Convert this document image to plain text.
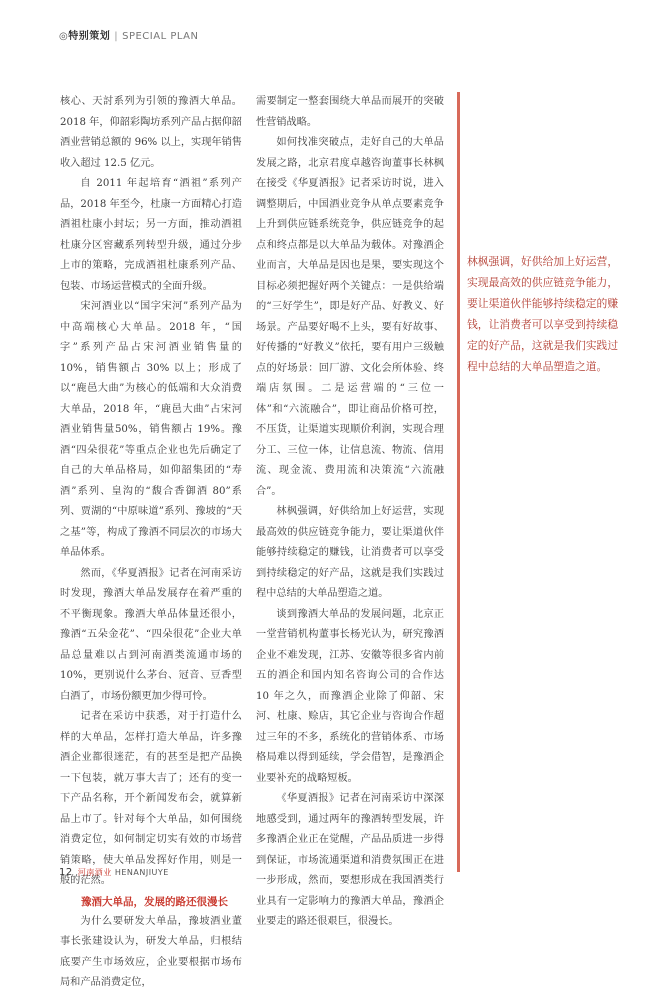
◎特别策划 | SPECIAL PLAN

核心、天討系列为引领的豫酒大单品。2018 年，仰韶彩陶坊系列产品占据仰韶酒业营销总额的 96% 以上，实现年销售收入超过 12.5 亿元。

自 2011 年起培育“酒祖”系列产品，2018 年至今，杜康一方面精心打造酒祖杜康小封坛；另一方面，推动酒祖杜康分区窖藏系列转型升级，通过分步上市的策略，完成酒祖杜康系列产品、包装、市场运营模式的全面升级。

宋河酒业以“国字宋河”系列产品为中高端核心大单品。2018 年，“国字”系列产品占宋河酒业销售量的 10%，销售额占 30% 以上；形成了以“鹿邑大曲”为核心的低端和大众消费大单品，2018 年，“鹿邑大曲”占宋河酒业销售量50%，销售额占 19%。豫酒“四朵很花”等重点企业也先后确定了自己的大单品格局，如仰韶集团的“寿酒”系列、皇沟的“馥合香御酒 80”系列、贾湖的“中原味道”系列、豫坡的“天之基”等，构成了豫酒不同层次的市场大单品体系。

然而，《华夏酒报》记者在河南采访时发现，豫酒大单品发展存在着严重的不平衡现象。豫酒大单品体量还很小，豫酒“五朵金花”、“四朵很花”企业大单品总量难以占到河南酒类流通市场的 10%，更别说什么茅台、冠音、豆香型白酒了，市场份额更加少得可怜。

记者在采访中获悉，对于打造什么样的大单品，怎样打造大单品，许多豫酒企业都很迷茫，有的甚至是把产品换一下包装，就万事大吉了；还有的变一下产品名称，开个新闻发布会，就算新品上市了。针对每个大单品，如何围绕消费定位，如何制定切实有效的市场营销策略，使大单品发挥好作用，则是一般的茫然。

豫酒大单品，发展的路还很漫长

为什么要研发大单品，豫坡酒业董事长张建设认为，研发大单品，归根结底要产生市场效应，企业要根据市场布局和产品消费定位，

需要制定一整套围绕大单品而展开的突破性营销战略。

如何找准突破点，走好自己的大单品发展之路，北京君度卓越咨询董事长林枫在接受《华夏酒报》记者采访时说，进入调整期后，中国酒业竞争从单点要素竞争上升到供应链系统竞争，供应链竞争的起点和终点都是以大单品为载体。对豫酒企业而言，大单品是因也是果，要实现这个目标必须把握好两个关键点：一是供给端的“三好学生”，即是好产品、好教义、好场景。产品要好喝不上头，要有好故事、好传播的“好教义”依托，要有用户三级触点的好场景：回厂游、文化会所体验、终端店氛围。二是运营端的“三位一体”和“六流融合”，即让商品价格可控，不压货，让渠道实现顺价利润，实现合理分工、三位一体，让信息流、物流、信用流、现金流、费用流和决策流“六流融合”。

林枫强调，好供给加上好运营，实现最高效的供应链竞争能力，要让渠道伙伴能够持续稳定的赚钱，让消费者可以享受到持续稳定的好产品，这就是我们实践过程中总结的大单品塑造之道。

谈到豫酒大单品的发展问题，北京正一堂营销机构董事长杨光认为，研究豫酒企业不难发现，江苏、安徽等很多省内前五的酒企和国内知名咨询公司的合作达 10 年之久，而豫酒企业除了仰韶、宋河、杜康、赊店，其它企业与咨询合作超过三年的不多，系统化的营销体系、市场格局难以得到延续，学会借智，是豫酒企业要补充的战略短板。

《华夏酒报》记者在河南采访中深深地感受到，通过两年的豫酒转型发展，许多豫酒企业正在觉醒，产品品质进一步得到保证，市场流通渠道和消费氛围正在进一步形成，然而，要想形成在我国酒类行业具有一定影响力的豫酒大单品，豫酒企业要走的路还很艰巨，很漫长。

林枫强调，好供给加上好运营，实现最高效的供应链竞争能力，要让渠道伙伴能够持续稳定的赚钱，让消费者可以享受到持续稳定的好产品，这就是我们实践过程中总结的大单品塑造之道。
12 河南酒业 HENANJIUYE
